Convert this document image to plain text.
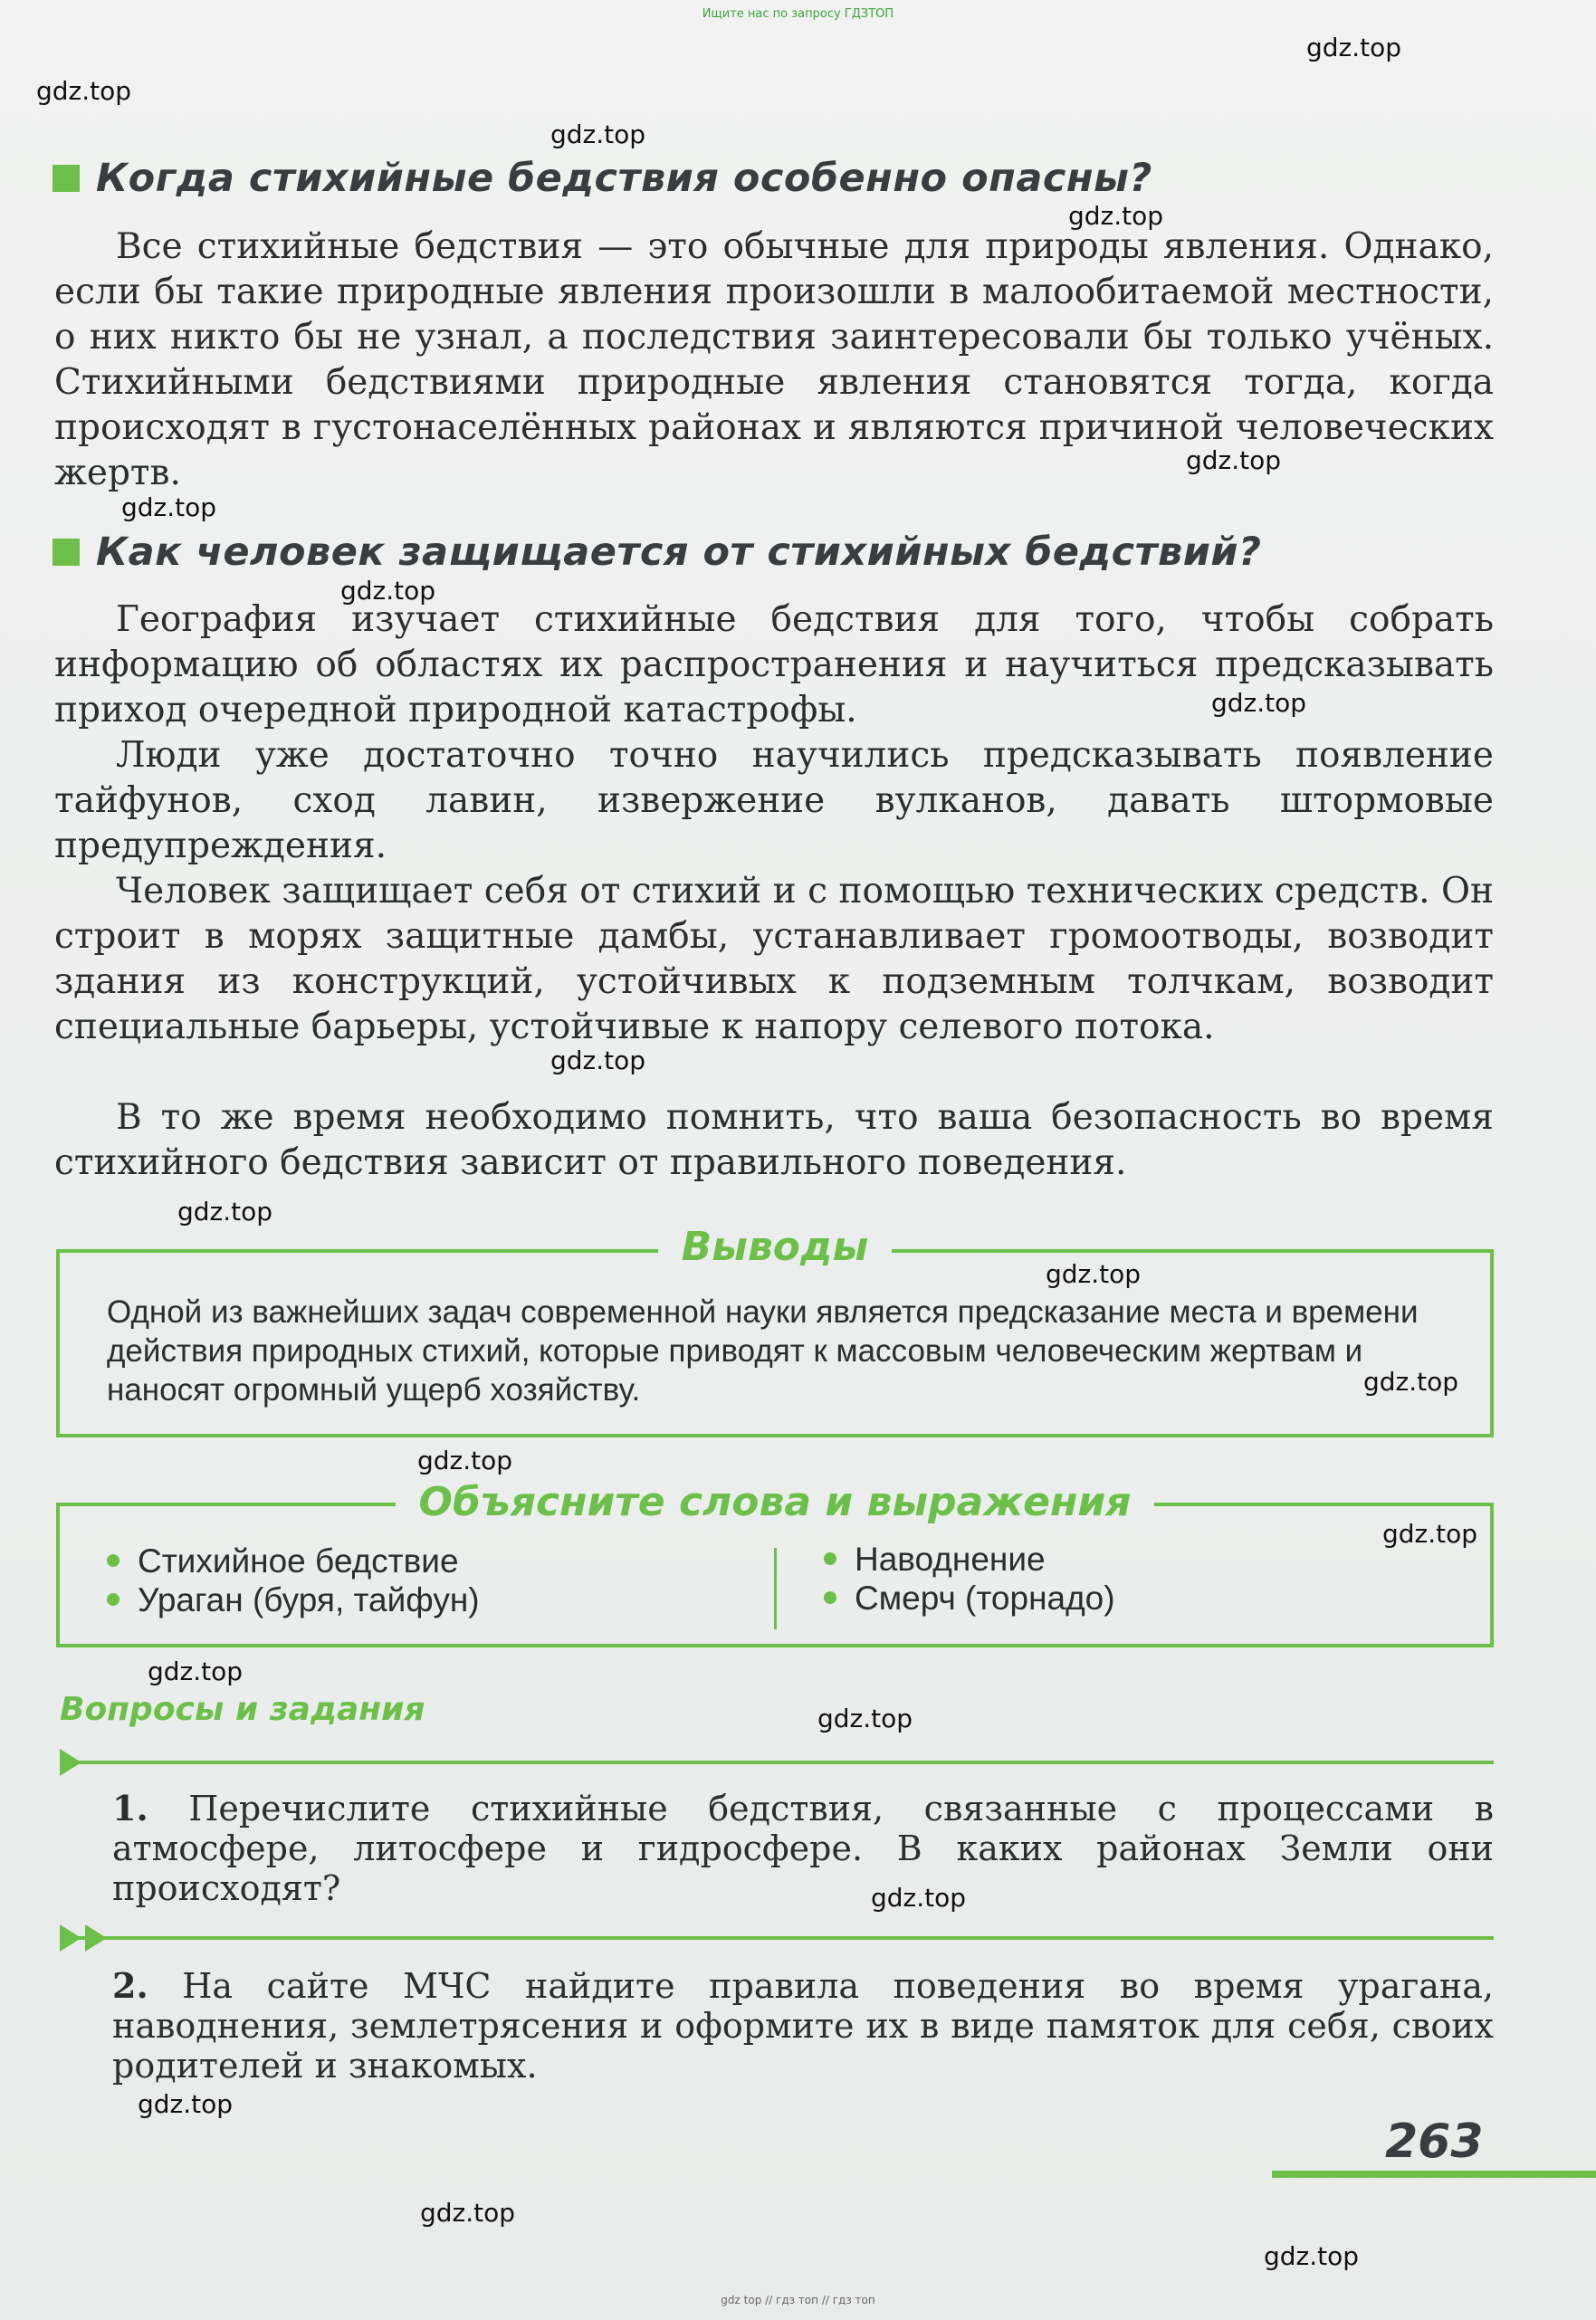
Ищите нас по запросу ГДЗТОП
gdz.top
gdz.top
gdz.top
gdz.top
gdz.top
gdz.top
gdz.top
gdz.top
gdz.top
gdz.top
gdz.top
gdz.top
gdz.top
gdz.top
gdz.top
gdz.top
gdz.top
gdz.top
gdz.top
gdz.top
Когда стихийные бедствия особенно опасны?

Все стихийные бедствия — это обычные для природы явления. Однако, если бы такие природные явления произошли в малообитаемой местности, о них никто бы не узнал, а последствия заинтересовали бы только учёных. Стихийными бедствиями природные явления становятся тогда, когда происходят в густонаселённых районах и являются причиной человеческих жертв.

Как человек защищается от стихийных бедствий?

География изучает стихийные бедствия для того, чтобы собрать информацию об областях их распространения и научиться предсказывать приход очередной природной катастрофы.

Люди уже достаточно точно научились предсказывать появление тайфунов, сход лавин, извержение вулканов, давать штормовые предупреждения.

Человек защищает себя от стихий и с помощью технических средств. Он строит в морях защитные дамбы, устанавливает громоотводы, возводит здания из конструкций, устойчивых к подземным толчкам, возводит специальные барьеры, устойчивые к напору селевого потока.

В то же время необходимо помнить, что ваша безопасность во время стихийного бедствия зависит от правильного поведения.

Выводы

Одной из важнейших задач современной науки является предсказание места и времени действия природных стихий, которые приводят к массовым человеческим жертвам и наносят огромный ущерб хозяйству.

Объясните слова и выражения
Стихийное бедствие
Ураган (буря, тайфун)
Наводнение
Смерч (торнадо)
Вопросы и задания

1. Перечислите стихийные бедствия, связанные с процессами в атмосфере, литосфере и гидросфере. В каких районах Земли они происходят?

2. На сайте МЧС найдите правила поведения во время урагана, наводнения, землетрясения и оформите их в виде памяток для себя, своих родителей и знакомых.

263
gdz top // гдз топ // гдз топ
